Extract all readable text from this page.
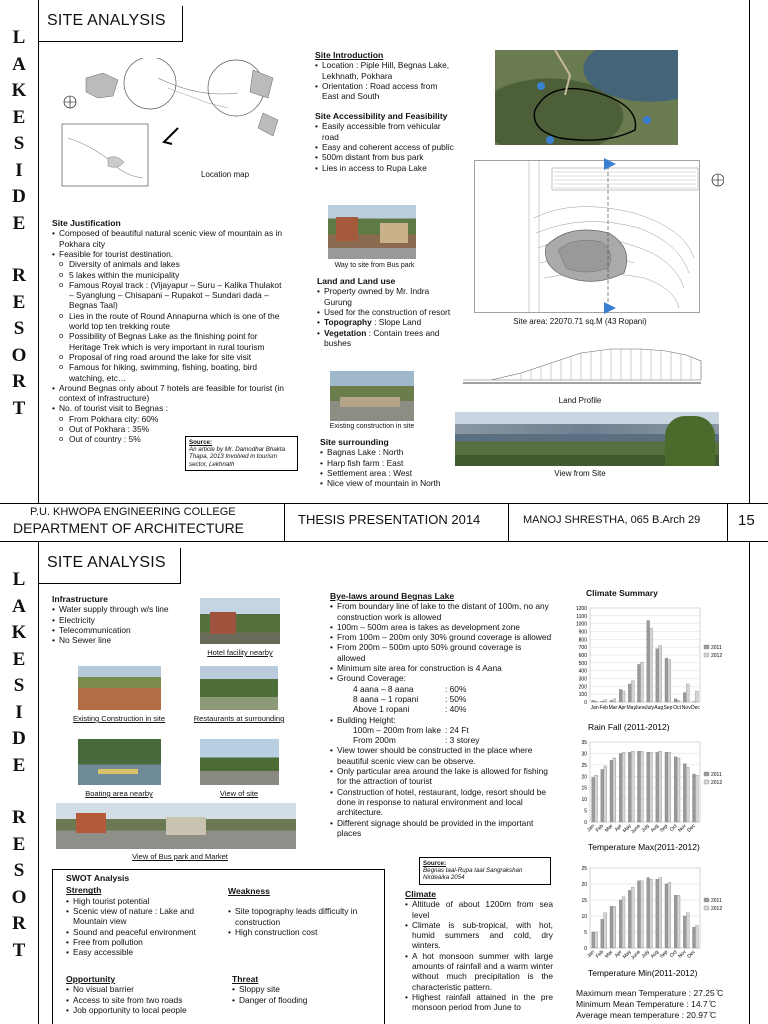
L
A
K
E
S
I
D
E
R
E
S
O
R
T
SITE ANALYSIS
Location map
Site Introduction
• Location : Piple Hill, Begnas Lake, Lekhnath, Pokhara
• Orientation : Road access from East and South
Site Accessibility and Feasibility
• Easily accessible from vehicular road
• Easy and coherent access of public
• 500m distant from bus park
• Lies in access to Rupa Lake
Way to site from Bus park
Land and Land use
• Property owned by Mr. Indra Gurung
• Used for the construction of resort
• Topography : Slope Land
• Vegetation : Contain trees and bushes
Existing construction in site
Site surrounding
• Bagnas Lake : North
• Harp fish farm : East
• Settlement area : West
• Nice view of mountain in North
Site area: 22070.71 sq.M (43 Ropani)
Land Profile
View from Site
Site Justification
• Composed of beautiful natural scenic view of mountain as in Pokhara city
• Feasible for tourist destination.
o Diversity of animals and lakes
o 5 lakes within the municipality
o Famous Royal track : (Vijayapur – Suru – Kalika Thulakot – Syanglung – Chisapani – Rupakot – Sundari dada – Begnas Taal)
o Lies in the route of Round Annapurna which is one of the world top ten trekking route
o Possibility of Begnas Lake as the finishing point for Heritage Trek which is very important in rural tourism
o Proposal of ring road around the lake for site visit
o Famous for hiking, swimming, fishing, boating, bird watching, etc…
• Around Begnas only about 7 hotels are feasible for tourist (in context of infrastructure)
• No. of tourist visit to Begnas :
o From Pokhara city: 60%
o Out of Pokhara : 35%
o Out of country : 5%	Source:
An article by Mr. Damodhar Bhakta Thapa, 2013 Involved in tourism sector, Lekhnath
P.U. KHWOPA ENGINEERING COLLEGE
DEPARTMENT OF ARCHITECTURE
THESIS PRESENTATION 2014	MANOJ SHRESTHA, 065 B.Arch 29	15
L
A
K
E
S
I
D
E
R
E
S
O
R
T
SITE ANALYSIS
Infrastructure
• Water supply through w/s line
• Electricity
• Telecommunication
• No Sewer line
Hotel facility nearby
Existing Construction in site	Restaurants at surrounding
Boating area nearby	View of site
View of Bus park and Market
Bye-laws around Begnas Lake
• • From boundary line of lake to the distant of 100m, no any construction work is allowed
• 100m – 500m area is takes as development zone
• From 100m – 200m only 30% ground coverage is allowed
• From 200m – 500m upto 50% ground coverage is allowed
• Minimum site area for construction is 4 Aana
• Ground Coverage:
4 aana – 8 aana	: 60%
8 aana – 1 ropani	: 50%
Above 1 ropani	: 40%
• Building Height:
100m – 200m from lake : 24 Ft
From 200m	: 3 storey
• View tower should be constructed in the place where beautiful scenic view can be observe.
• Only particular area around the lake is allowed for fishing for the attraction of tourist
• Construction of hotel, restaurant, lodge, resort should be done in response to natural environment and local architecture.
• Different signage should be provided in the important places
Source:
Begnas taal-Rupa taal Sangrakshan Nirdeaika 2054
SWOT Analysis
Strength
• High tourist potential
• Scenic view of nature : Lake and Mountain view
• Sound and peaceful environment
• Free from pollution
• Easy accessible
Weakness
• Site topography leads difficulty in construction
• High construction cost
Opportunity
• No visual barrier
• Access to site from two roads
• Job opportunity to local people
Threat
• Sloppy site
• Danger of flooding
Climate
• Altitude of about 1200m from sea level
• Climate is sub-tropical, with hot, humid summers and cold, dry winters.
• A hot monsoon summer with large amounts of rainfall and a warm winter without much precipitation is the characteristic pattern.
• Highest rainfall attained in the pre monsoon period from June to
Climate Summary
0
100
200
300
400
500
600
700
800
900
1000
1100
1200
Jan Feb Mar Apr May June July Aug Sep Oct Nov Dec
2011
2012
Rain Fall (2011-2012)
0
5
10
15
20
25
30
35
Jan
Feb
Mar Apr
May
June
July
Aug
Sep Oct
Nov
Dec
2011
2012
Temperature Max(2011-2012)
0
5
10
15
20
25
Jan
Feb
Mar Apr
May
June
July
Aug
Sep Oct
Nov
Dec
2011
2012
Temperature Min(2011-2012)
Maximum mean Temperature : 27.25 ̊C
Minimum Mean Temperature : 14.7 ̊C
Average mean temperature : 20.97 ̊C
